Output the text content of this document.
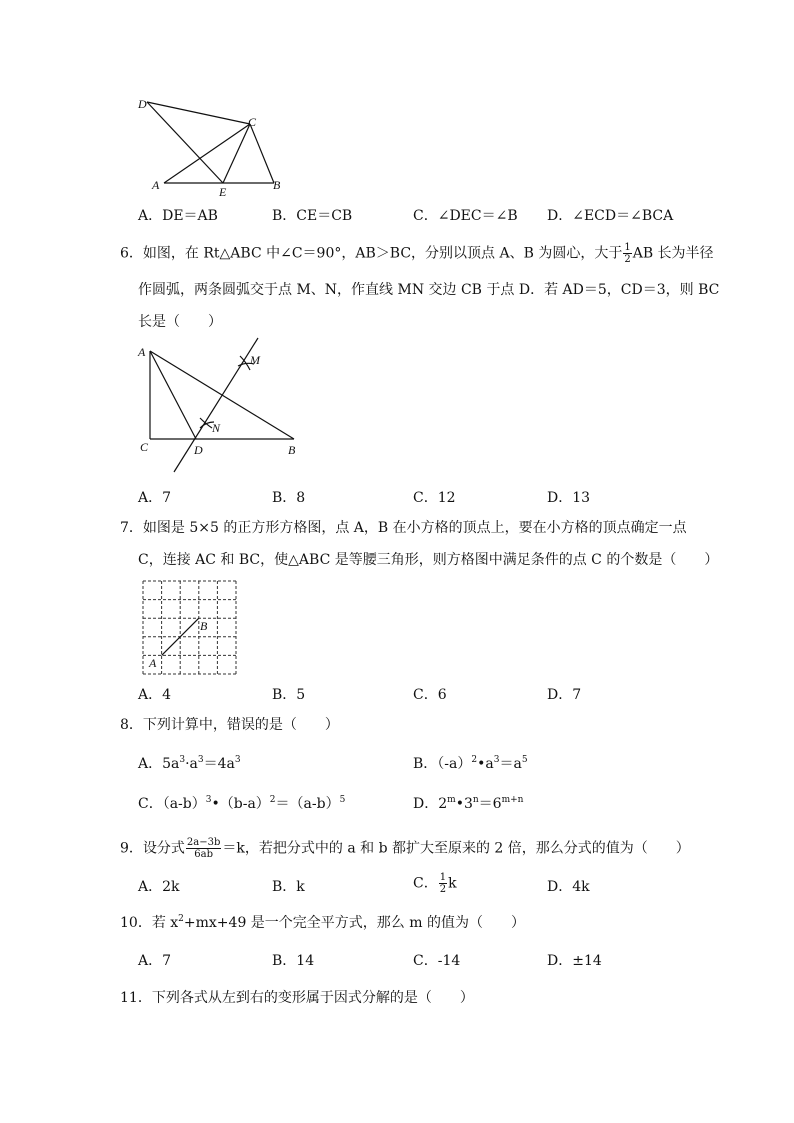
D
C
A	E	B
A．DE＝AB	B．CE＝CB	C．∠DEC＝∠B D．∠ECD＝∠BCA
6．如图，在 Rt△ABC 中∠C＝90°，AB＞BC，分别以顶点 A、B 为圆心，大于 $\frac{1}{2}$ AB 长为半径
作圆弧，两条圆弧交于点 M、N，作直线 MN 交边 CB 于点 D．若 AD＝5，CD＝3，则 BC
长是（　　）
A
M
N
C	D	B
A．7	B．8	C．12	D．13
7．如图是 5×5 的正方形方格图，点 A，B 在小方格的顶点上，要在小方格的顶点确定一点
C，连接 AC 和 BC，使△ABC 是等腰三角形，则方格图中满足条件的点 C 的个数是（　　）
A
B
A．4	B．5	C．6	D．7
8．下列计算中，错误的是（　　）
A．$5a^3\cdot a^3=4a^3$	B．$(-a)^2•a^3=a^5$
C．$(a-b)^3•(b-a)^2=(a-b)^5$	D．$2^m•3^n=6^{m+n}$
9．设分式 $\frac{2a-3b}{6ab} =k$，若把分式中的 a 和 b 都扩大至原来的 2 倍，那么分式的值为（　　）
A．2k	B．k	C． $\frac{1}{2}$ k	D．4k
10．若 $x^2+mx+49$ 是一个完全平方式，那么 m 的值为（　　）
A．7	B．14	C．-14	D．±14
11．下列各式从左到右的变形属于因式分解的是（　　）
